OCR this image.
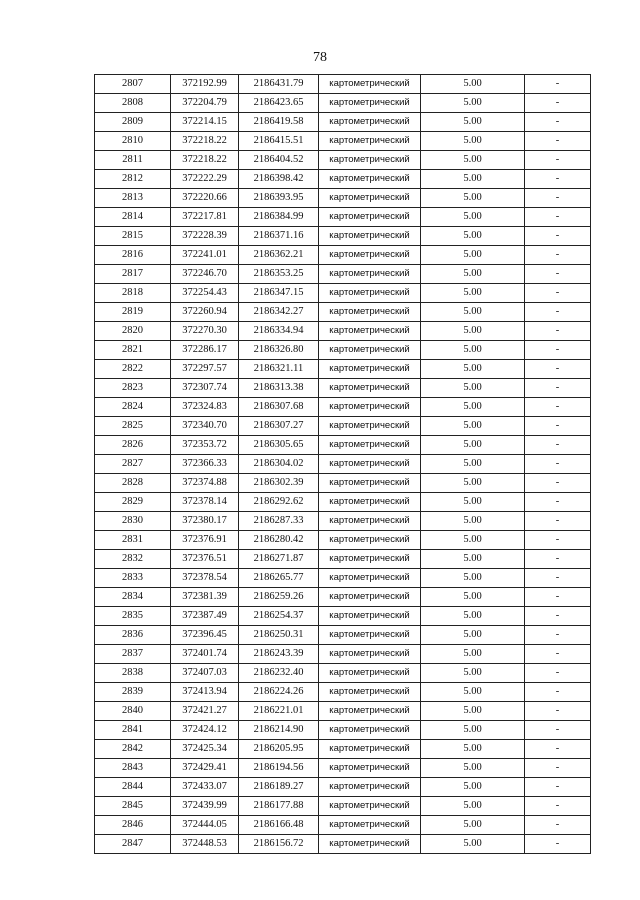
78
2807	372192.99	2186431.79	картометрический	5.00	-
2808	372204.79	2186423.65	картометрический	5.00	-
2809	372214.15	2186419.58	картометрический	5.00	-
2810	372218.22	2186415.51	картометрический	5.00	-
2811	372218.22	2186404.52	картометрический	5.00	-
2812	372222.29	2186398.42	картометрический	5.00	-
2813	372220.66	2186393.95	картометрический	5.00	-
2814	372217.81	2186384.99	картометрический	5.00	-
2815	372228.39	2186371.16	картометрический	5.00	-
2816	372241.01	2186362.21	картометрический	5.00	-
2817	372246.70	2186353.25	картометрический	5.00	-
2818	372254.43	2186347.15	картометрический	5.00	-
2819	372260.94	2186342.27	картометрический	5.00	-
2820	372270.30	2186334.94	картометрический	5.00	-
2821	372286.17	2186326.80	картометрический	5.00	-
2822	372297.57	2186321.11	картометрический	5.00	-
2823	372307.74	2186313.38	картометрический	5.00	-
2824	372324.83	2186307.68	картометрический	5.00	-
2825	372340.70	2186307.27	картометрический	5.00	-
2826	372353.72	2186305.65	картометрический	5.00	-
2827	372366.33	2186304.02	картометрический	5.00	-
2828	372374.88	2186302.39	картометрический	5.00	-
2829	372378.14	2186292.62	картометрический	5.00	-
2830	372380.17	2186287.33	картометрический	5.00	-
2831	372376.91	2186280.42	картометрический	5.00	-
2832	372376.51	2186271.87	картометрический	5.00	-
2833	372378.54	2186265.77	картометрический	5.00	-
2834	372381.39	2186259.26	картометрический	5.00	-
2835	372387.49	2186254.37	картометрический	5.00	-
2836	372396.45	2186250.31	картометрический	5.00	-
2837	372401.74	2186243.39	картометрический	5.00	-
2838	372407.03	2186232.40	картометрический	5.00	-
2839	372413.94	2186224.26	картометрический	5.00	-
2840	372421.27	2186221.01	картометрический	5.00	-
2841	372424.12	2186214.90	картометрический	5.00	-
2842	372425.34	2186205.95	картометрический	5.00	-
2843	372429.41	2186194.56	картометрический	5.00	-
2844	372433.07	2186189.27	картометрический	5.00	-
2845	372439.99	2186177.88	картометрический	5.00	-
2846	372444.05	2186166.48	картометрический	5.00	-
2847	372448.53	2186156.72	картометрический	5.00	-
